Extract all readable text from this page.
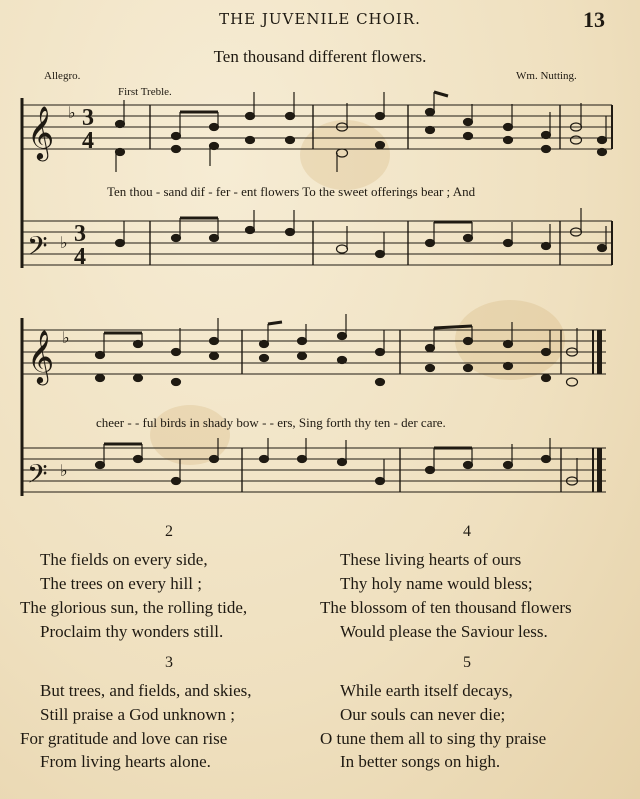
THE JUVENILE CHOIR.	13
Ten thousand different flowers.
Allegro.
First Treble.
Wm. Nutting.
𝄞 ♭
𝄢 ♭
𝄞 ♭
𝄢 ♭
3
4
3
4
Ten thou - sand dif - fer - ent flowers To the sweet offerings bear ; And
cheer - - ful birds in shady bow - - ers, Sing forth thy ten - der care.
2
The fields on every side,
The trees on every hill ;
The glorious sun, the rolling tide,
Proclaim thy wonders still.
3
But trees, and fields, and skies,
Still praise a God unknown ;
For gratitude and love can rise
From living hearts alone.
4
These living hearts of ours
Thy holy name would bless;
The blossom of ten thousand flowers
Would please the Saviour less.
5
While earth itself decays,
Our souls can never die;
O tune them all to sing thy praise
In better songs on high.
